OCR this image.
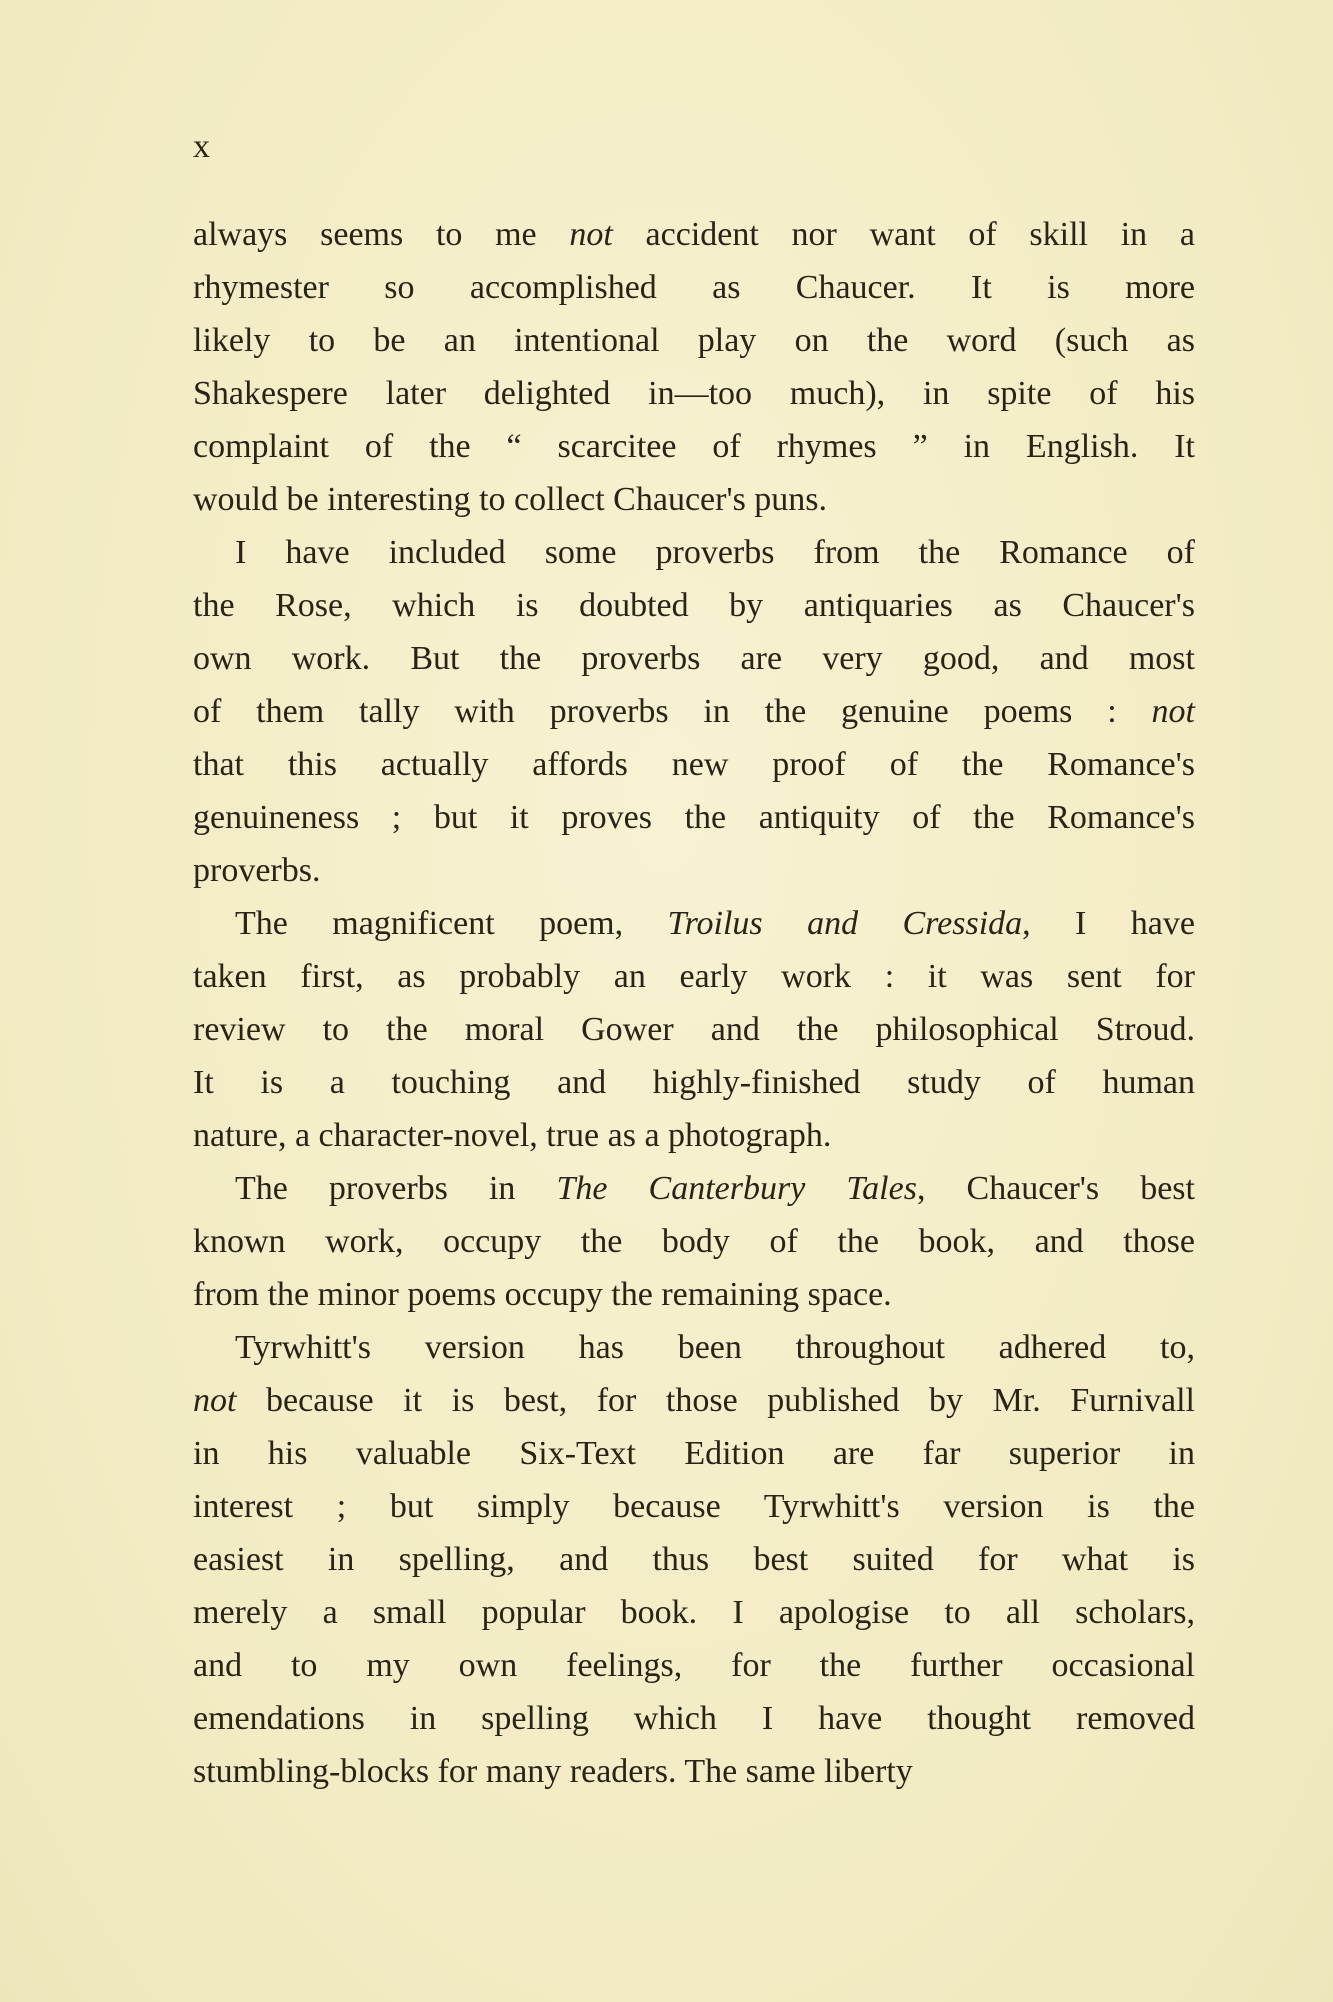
x
always seems to me not accident nor want of skill in a
rhymester so accomplished as Chaucer. It is more
likely to be an intentional play on the word (such as
Shakespere later delighted in—too much), in spite of his
complaint of the “ scarcitee of rhymes ” in English. It
would be interesting to collect Chaucer's puns.
I have included some proverbs from the Romance of
the Rose, which is doubted by antiquaries as Chaucer's
own work. But the proverbs are very good, and most
of them tally with proverbs in the genuine poems : not
that this actually affords new proof of the Romance's
genuineness ; but it proves the antiquity of the Romance's
proverbs.
The magnificent poem, Troilus and Cressida, I have
taken first, as probably an early work : it was sent for
review to the moral Gower and the philosophical Stroud.
It is a touching and highly-finished study of human
nature, a character-novel, true as a photograph.
The proverbs in The Canterbury Tales, Chaucer's best
known work, occupy the body of the book, and those
from the minor poems occupy the remaining space.
Tyrwhitt's version has been throughout adhered to,
not because it is best, for those published by Mr. Furnivall
in his valuable Six-Text Edition are far superior in
interest ; but simply because Tyrwhitt's version is the
easiest in spelling, and thus best suited for what is
merely a small popular book. I apologise to all scholars,
and to my own feelings, for the further occasional
emendations in spelling which I have thought removed
stumbling-blocks for many readers. The same liberty
